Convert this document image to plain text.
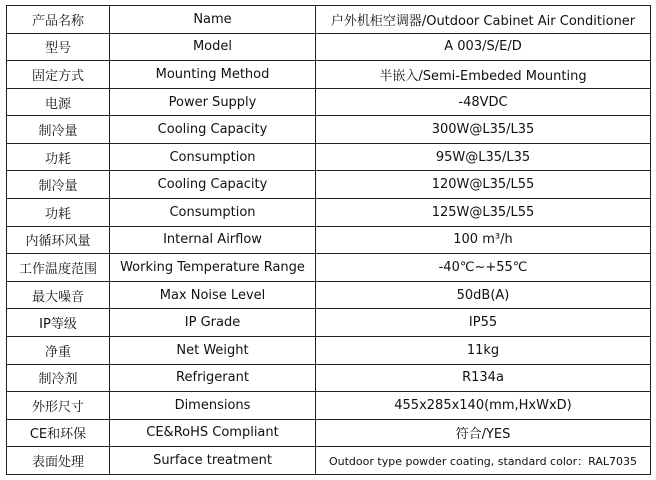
产品名称	Name	户外机柜空调器/Outdoor Cabinet Air Conditioner
型号	Model	A 003/S/E/D
固定方式	Mounting Method	半嵌入/Semi-Embeded Mounting
电源	Power Supply	-48VDC
制冷量	Cooling Capacity	300W@L35/L35
功耗	Consumption	95W@L35/L35
制冷量	Cooling Capacity	120W@L35/L55
功耗	Consumption	125W@L35/L55
内循环风量	Internal Airflow	100 m³/h
工作温度范围	Working Temperature Range	-40℃~+55℃
最大噪音	Max Noise Level	50dB(A)
IP等级	IP Grade	IP55
净重	Net Weight	11kg
制冷剂	Refrigerant	R134a
外形尺寸	Dimensions	455x285x140(mm,HxWxD)
CE和环保	CE&RoHS Compliant	符合/YES
表面处理	Surface treatment	Outdoor type powder coating, standard color：RAL7035
